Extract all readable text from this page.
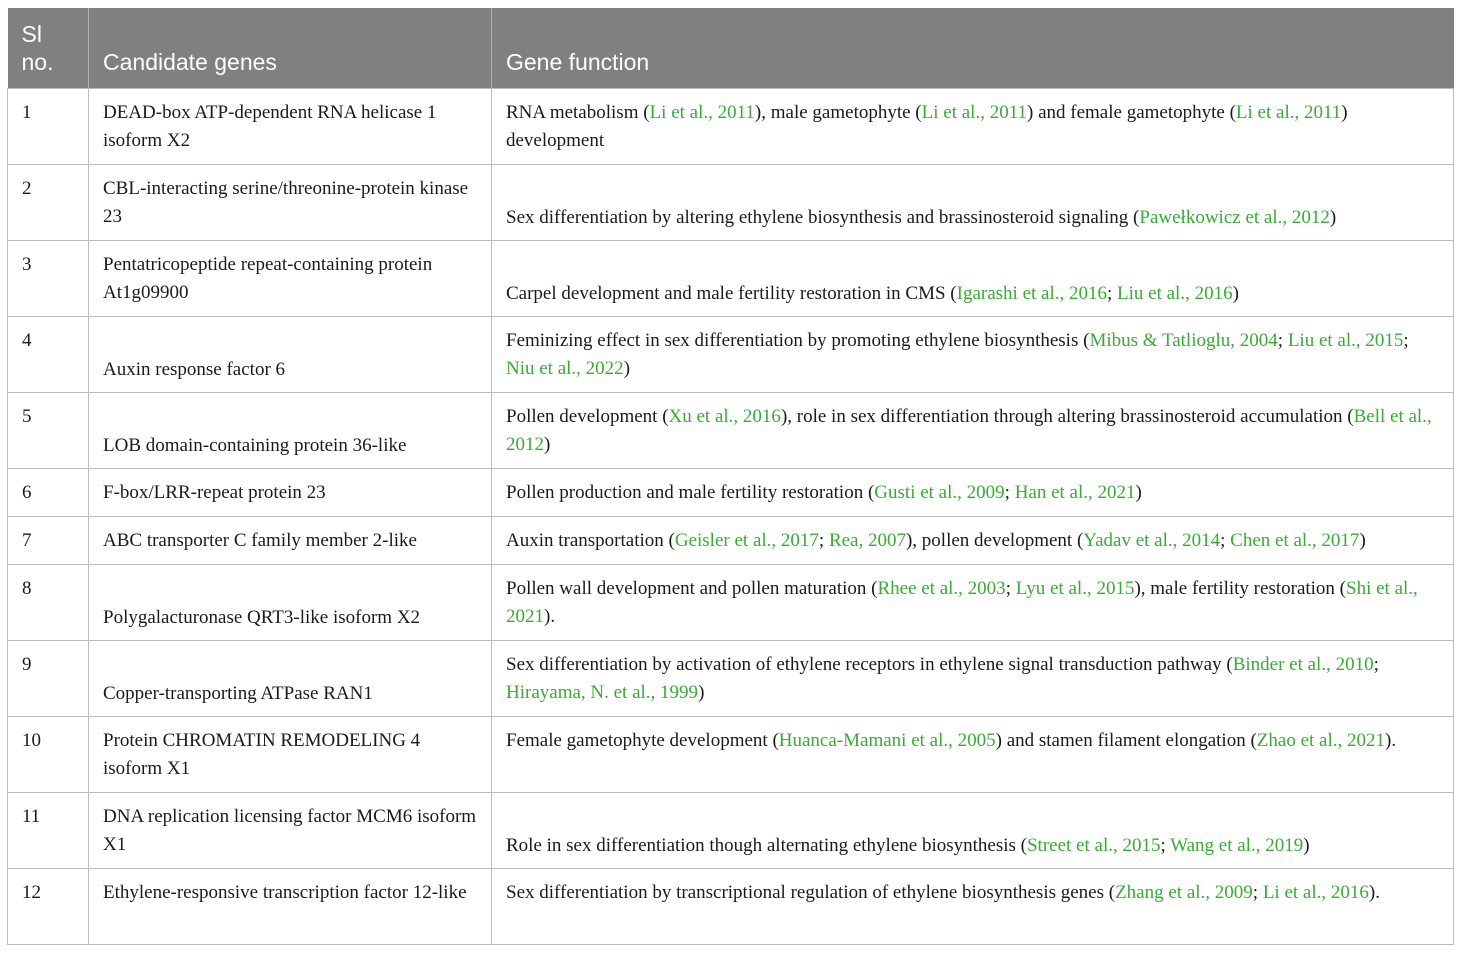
Sl no.	Candidate genes	Gene function
1	DEAD-box ATP-dependent RNA helicase 1 isoform X2	RNA metabolism (Li et al., 2011), male gametophyte (Li et al., 2011) and female gametophyte (Li et al., 2011) development
2	CBL-interacting serine/threonine-protein kinase 23	Sex differentiation by altering ethylene biosynthesis and brassinosteroid signaling (Pawełkowicz et al., 2012)
3	Pentatricopeptide repeat-containing protein At1g09900	Carpel development and male fertility restoration in CMS (Igarashi et al., 2016; Liu et al., 2016)
4	Auxin response factor 6	Feminizing effect in sex differentiation by promoting ethylene biosynthesis (Mibus & Tatlioglu, 2004; Liu et al., 2015; Niu et al., 2022)
5	LOB domain-containing protein 36-like	Pollen development (Xu et al., 2016), role in sex differentiation through altering brassinosteroid accumulation (Bell et al., 2012)
6	F-box/LRR-repeat protein 23	Pollen production and male fertility restoration (Gusti et al., 2009; Han et al., 2021)
7	ABC transporter C family member 2-like	Auxin transportation (Geisler et al., 2017; Rea, 2007), pollen development (Yadav et al., 2014; Chen et al., 2017)
8	Polygalacturonase QRT3-like isoform X2	Pollen wall development and pollen maturation (Rhee et al., 2003; Lyu et al., 2015), male fertility restoration (Shi et al., 2021).
9	Copper-transporting ATPase RAN1	Sex differentiation by activation of ethylene receptors in ethylene signal transduction pathway (Binder et al., 2010; Hirayama, N. et al., 1999)
10	Protein CHROMATIN REMODELING 4 isoform X1	Female gametophyte development (Huanca-Mamani et al., 2005) and stamen filament elongation (Zhao et al., 2021).
11	DNA replication licensing factor MCM6 isoform X1	Role in sex differentiation though alternating ethylene biosynthesis (Street et al., 2015; Wang et al., 2019)
12	Ethylene-responsive transcription factor 12-like	Sex differentiation by transcriptional regulation of ethylene biosynthesis genes (Zhang et al., 2009; Li et al., 2016).
